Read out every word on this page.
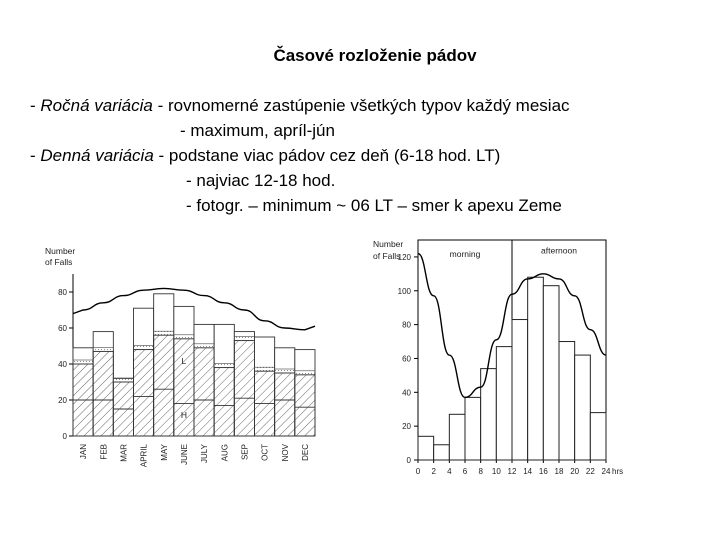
Časové rozloženie pádov
- Ročná variácia - rovnomerné zastúpenie všetkých typov každý mesiac
- maximum, apríl-jún
- Denná variácia - podstane viac pádov cez deň (6-18 hod. LT)
- najviac 12-18 hod.
- fotogr. – minimum ~ 06 LT – smer k apexu Zeme
Number
of Falls
0
20
40
60
80
JAN FEB MAR APRIL MAY JUNE JULY AUG SEP OCT NOV DEC
L
H
Number
of Falls
0
20
40
60
80
100
120
0 2 4 6 8 10 12 14 16 18 20 22 24 hrs
morning	afternoon
